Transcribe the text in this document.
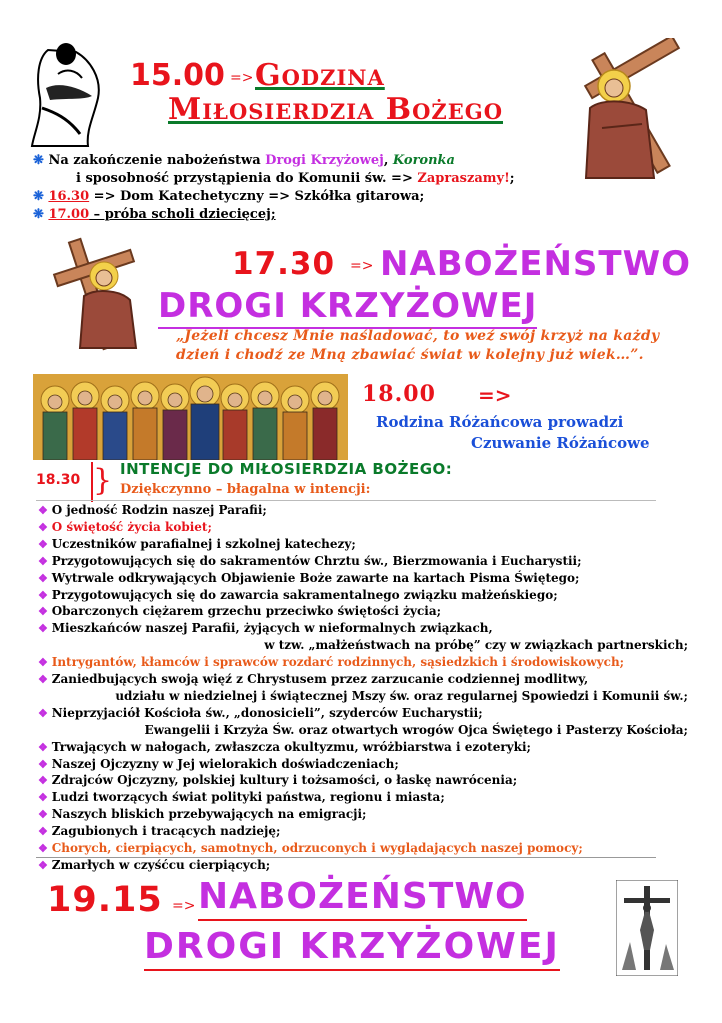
15.00 => Godzina
Miłosierdzia Bożego
❋ Na zakończenie nabożeństwa Drogi Krzyżowej, Koronka
i sposobność przystąpienia do Komunii św. => Zapraszamy!;
❋ 16.30 => Dom Katechetyczny => Szkółka gitarowa;
❋ 17.00 – próba scholi dziecięcej;
17.30 => NABOŻEŃSTWO
DROGI KRZYŻOWEJ
„Jeżeli chcesz Mnie naśladować, to weź swój krzyż na każdy
dzień i chodź ze Mną zbawiać świat w kolejny już wiek…”.
18.00 =>
Rodzina Różańcowa prowadzi
Czuwanie Różańcowe
18.30 } INTENCJE DO MIŁOSIERDZIA BOŻEGO:
Dziękczynno – błagalna w intencji:
❖ O jedność Rodzin naszej Parafii;
❖ O świętość życia kobiet;
❖ Uczestników parafialnej i szkolnej katechezy;
❖ Przygotowujących się do sakramentów Chrztu św., Bierzmowania i Eucharystii;
❖ Wytrwale odkrywających Objawienie Boże zawarte na kartach Pisma Świętego;
❖ Przygotowujących się do zawarcia sakramentalnego związku małżeńskiego;
❖ Obarczonych ciężarem grzechu przeciwko świętości życia;
❖ Mieszkańców naszej Parafii, żyjących w nieformalnych związkach,
w tzw. „małżeństwach na próbę” czy w związkach partnerskich;
❖ Intrygantów, kłamców i sprawców rozdarć rodzinnych, sąsiedzkich i środowiskowych;
❖ Zaniedbujących swoją więź z Chrystusem przez zarzucanie codziennej modlitwy,
udziału w niedzielnej i świątecznej Mszy św. oraz regularnej Spowiedzi i Komunii św.;
❖ Nieprzyjaciół Kościoła św., „donosicieli”, szyderców Eucharystii;
Ewangelii i Krzyża Św. oraz otwartych wrogów Ojca Świętego i Pasterzy Kościoła;
❖ Trwających w nałogach, zwłaszcza okultyzmu, wróżbiarstwa i ezoteryki;
❖ Naszej Ojczyzny w Jej wielorakich doświadczeniach;
❖ Zdrajców Ojczyzny, polskiej kultury i tożsamości, o łaskę nawrócenia;
❖ Ludzi tworzących świat polityki państwa, regionu i miasta;
❖ Naszych bliskich przebywających na emigracji;
❖ Zagubionych i tracących nadzieję;
❖ Chorych, cierpiących, samotnych, odrzuconych i wyglądających naszej pomocy;
❖ Zmarłych w czyśćcu cierpiących;
19.15 => NABOŻEŃSTWO
DROGI KRZYŻOWEJ
